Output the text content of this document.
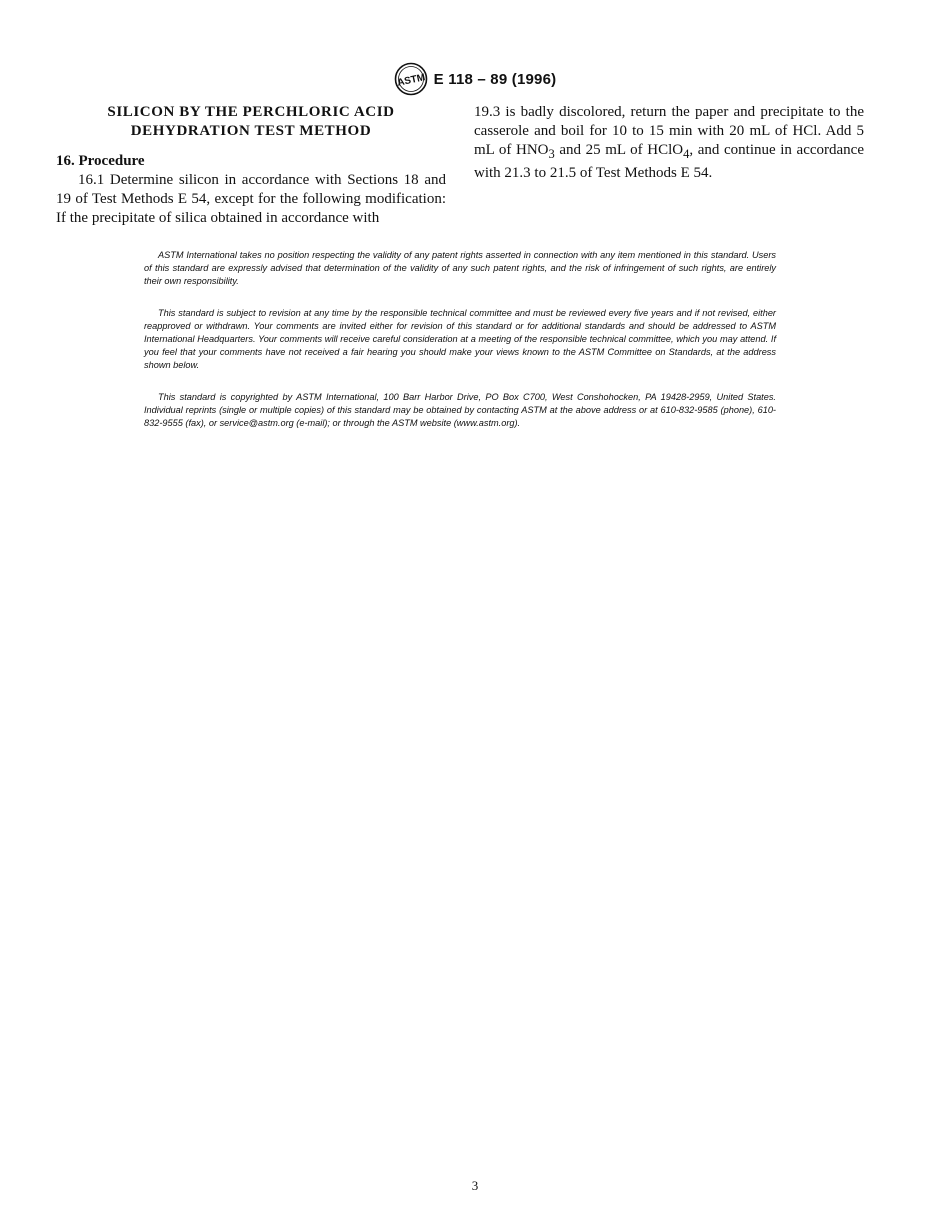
ASTM E 118 – 89 (1996)

SILICON BY THE PERCHLORIC ACID
DEHYDRATION TEST METHOD

16. Procedure

16.1 Determine silicon in accordance with Sections 18 and 19 of Test Methods E 54, except for the following modification: If the precipitate of silica obtained in accordance with

19.3 is badly discolored, return the paper and precipitate to the casserole and boil for 10 to 15 min with 20 mL of HCl. Add 5 mL of $HNO_3$ and 25 mL of HClO$_4$, and continue in accordance with 21.3 to 21.5 of Test Methods E 54.

ASTM International takes no position respecting the validity of any patent rights asserted in connection with any item mentioned in this standard. Users of this standard are expressly advised that determination of the validity of any such patent rights, and the risk of infringement of such rights, are entirely their own responsibility.

This standard is subject to revision at any time by the responsible technical committee and must be reviewed every five years and if not revised, either reapproved or withdrawn. Your comments are invited either for revision of this standard or for additional standards and should be addressed to ASTM International Headquarters. Your comments will receive careful consideration at a meeting of the responsible technical committee, which you may attend. If you feel that your comments have not received a fair hearing you should make your views known to the ASTM Committee on Standards, at the address shown below.

This standard is copyrighted by ASTM International, 100 Barr Harbor Drive, PO Box C700, West Conshohocken, PA 19428-2959, United States. Individual reprints (single or multiple copies) of this standard may be obtained by contacting ASTM at the above address or at 610-832-9585 (phone), 610-832-9555 (fax), or service@astm.org (e-mail); or through the ASTM website (www.astm.org).

3
